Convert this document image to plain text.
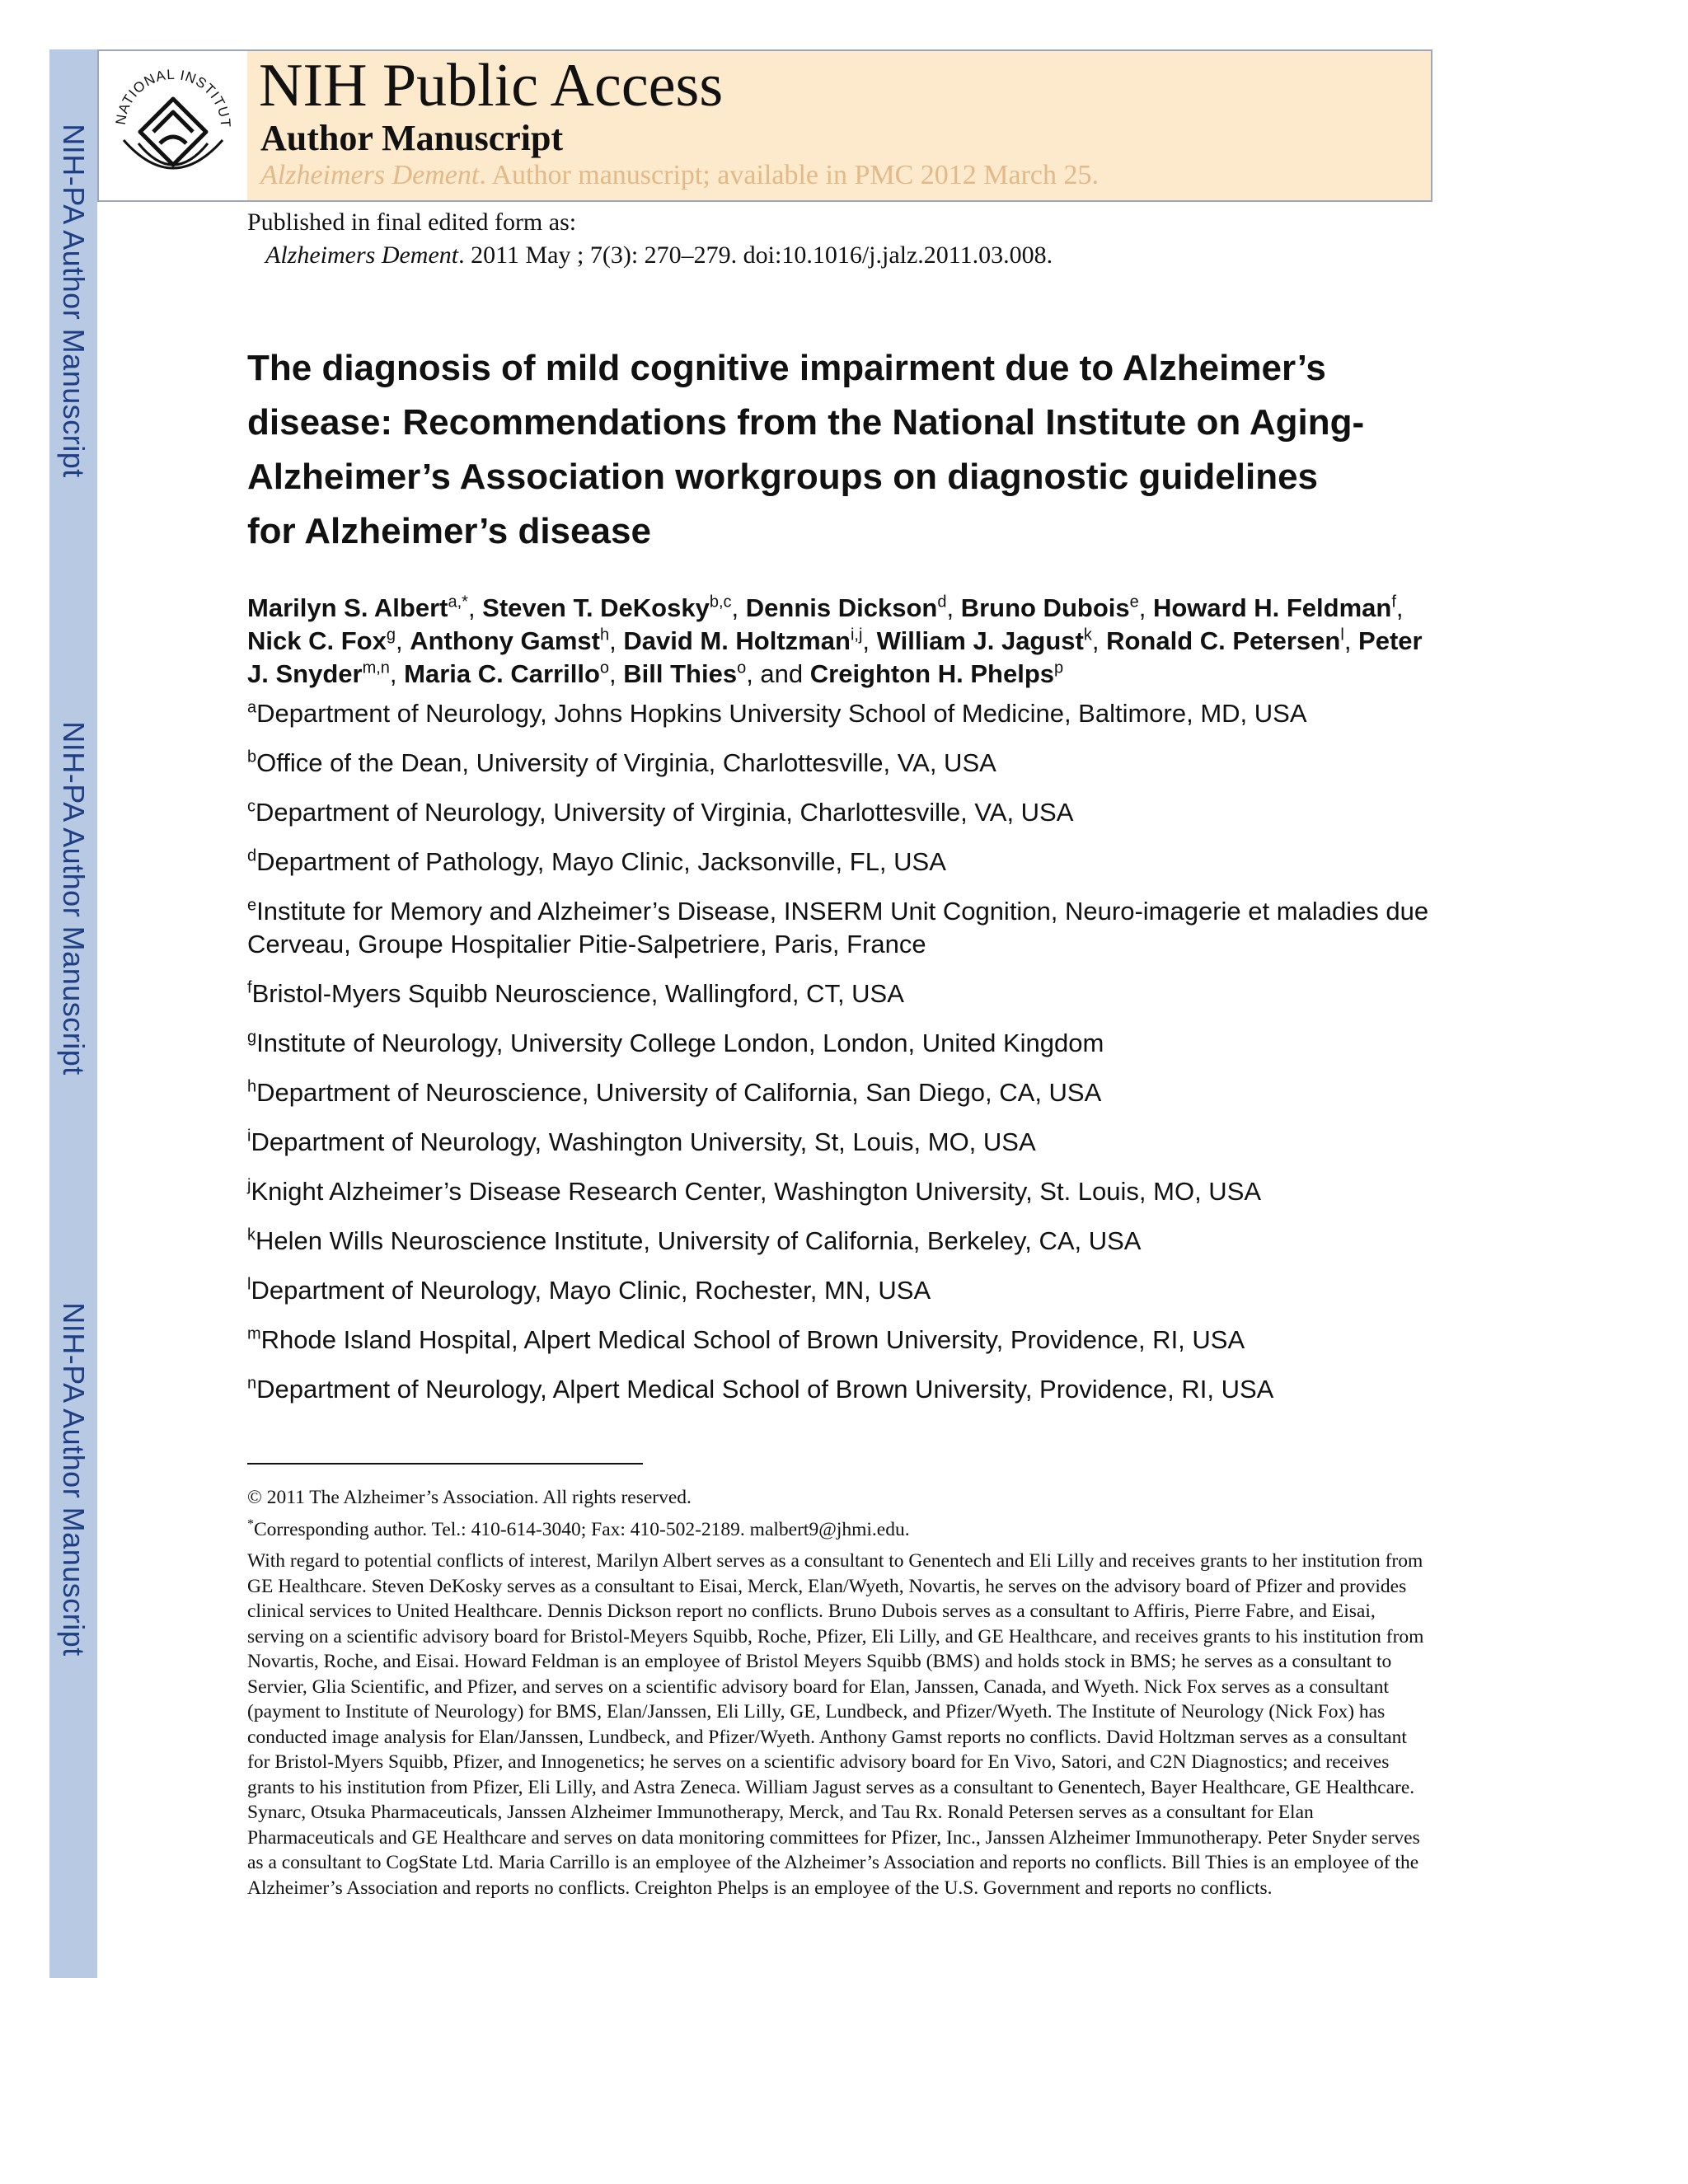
NIH-PA Author Manuscript
NIH-PA Author Manuscript
NIH-PA Author Manuscript
NATIONAL INSTITUT
NIH Public Access
Author Manuscript
Alzheimers Dement. Author manuscript; available in PMC 2012 March 25.
Published in final edited form as:
Alzheimers Dement. 2011 May ; 7(3): 270–279. doi:10.1016/j.jalz.2011.03.008.
The diagnosis of mild cognitive impairment due to Alzheimer’s
disease: Recommendations from the National Institute on Aging-
Alzheimer’s Association workgroups on diagnostic guidelines
for Alzheimer’s disease
Marilyn S. Albert$^{a,*}$, Steven T. DeKosky$^{b,c}$, Dennis Dickson$^d$, Bruno Dubois$^e$, Howard H. Feldman$^f$, Nick C. Fox$^g$, Anthony Gamst$^h$, David M. Holtzman$^{i,j}$, William J. Jagust$^k$, Ronald C. Petersen$^l$, Peter J. Snyder$^{m,n}$, Maria C. Carrillo$^o$, Bill Thies$^o$, and Creighton H. Phelps$^p$
$^a$Department of Neurology, Johns Hopkins University School of Medicine, Baltimore, MD, USA
$^b$Office of the Dean, University of Virginia, Charlottesville, VA, USA
$^c$Department of Neurology, University of Virginia, Charlottesville, VA, USA
$^d$Department of Pathology, Mayo Clinic, Jacksonville, FL, USA
$^e$Institute for Memory and Alzheimer’s Disease, INSERM Unit Cognition, Neuro-imagerie et maladies due Cerveau, Groupe Hospitalier Pitie-Salpetriere, Paris, France
$^f$Bristol-Myers Squibb Neuroscience, Wallingford, CT, USA
$^g$Institute of Neurology, University College London, London, United Kingdom
$^h$Department of Neuroscience, University of California, San Diego, CA, USA
$^i$Department of Neurology, Washington University, St, Louis, MO, USA
$^j$Knight Alzheimer’s Disease Research Center, Washington University, St. Louis, MO, USA
$^k$Helen Wills Neuroscience Institute, University of California, Berkeley, CA, USA
$^l$Department of Neurology, Mayo Clinic, Rochester, MN, USA
$^m$Rhode Island Hospital, Alpert Medical School of Brown University, Providence, RI, USA
$^n$Department of Neurology, Alpert Medical School of Brown University, Providence, RI, USA

© 2011 The Alzheimer’s Association. All rights reserved.

*Corresponding author. Tel.: 410-614-3040; Fax: 410-502-2189. malbert9@jhmi.edu.

With regard to potential conflicts of interest, Marilyn Albert serves as a consultant to Genentech and Eli Lilly and receives grants to her institution from GE Healthcare. Steven DeKosky serves as a consultant to Eisai, Merck, Elan/Wyeth, Novartis, he serves on the advisory board of Pfizer and provides clinical services to United Healthcare. Dennis Dickson report no conflicts. Bruno Dubois serves as a consultant to Affiris, Pierre Fabre, and Eisai, serving on a scientific advisory board for Bristol-Meyers Squibb, Roche, Pfizer, Eli Lilly, and GE Healthcare, and receives grants to his institution from Novartis, Roche, and Eisai. Howard Feldman is an employee of Bristol Meyers Squibb (BMS) and holds stock in BMS; he serves as a consultant to Servier, Glia Scientific, and Pfizer, and serves on a scientific advisory board for Elan, Janssen, Canada, and Wyeth. Nick Fox serves as a consultant (payment to Institute of Neurology) for BMS, Elan/Janssen, Eli Lilly, GE, Lundbeck, and Pfizer/Wyeth. The Institute of Neurology (Nick Fox) has conducted image analysis for Elan/Janssen, Lundbeck, and Pfizer/Wyeth. Anthony Gamst reports no conflicts. David Holtzman serves as a consultant for Bristol-Myers Squibb, Pfizer, and Innogenetics; he serves on a scientific advisory board for En Vivo, Satori, and C2N Diagnostics; and receives grants to his institution from Pfizer, Eli Lilly, and Astra Zeneca. William Jagust serves as a consultant to Genentech, Bayer Healthcare, GE Healthcare. Synarc, Otsuka Pharmaceuticals, Janssen Alzheimer Immunotherapy, Merck, and Tau Rx. Ronald Petersen serves as a consultant for Elan Pharmaceuticals and GE Healthcare and serves on data monitoring committees for Pfizer, Inc., Janssen Alzheimer Immunotherapy. Peter Snyder serves as a consultant to CogState Ltd. Maria Carrillo is an employee of the Alzheimer’s Association and reports no conflicts. Bill Thies is an employee of the Alzheimer’s Association and reports no conflicts. Creighton Phelps is an employee of the U.S. Government and reports no conflicts.
